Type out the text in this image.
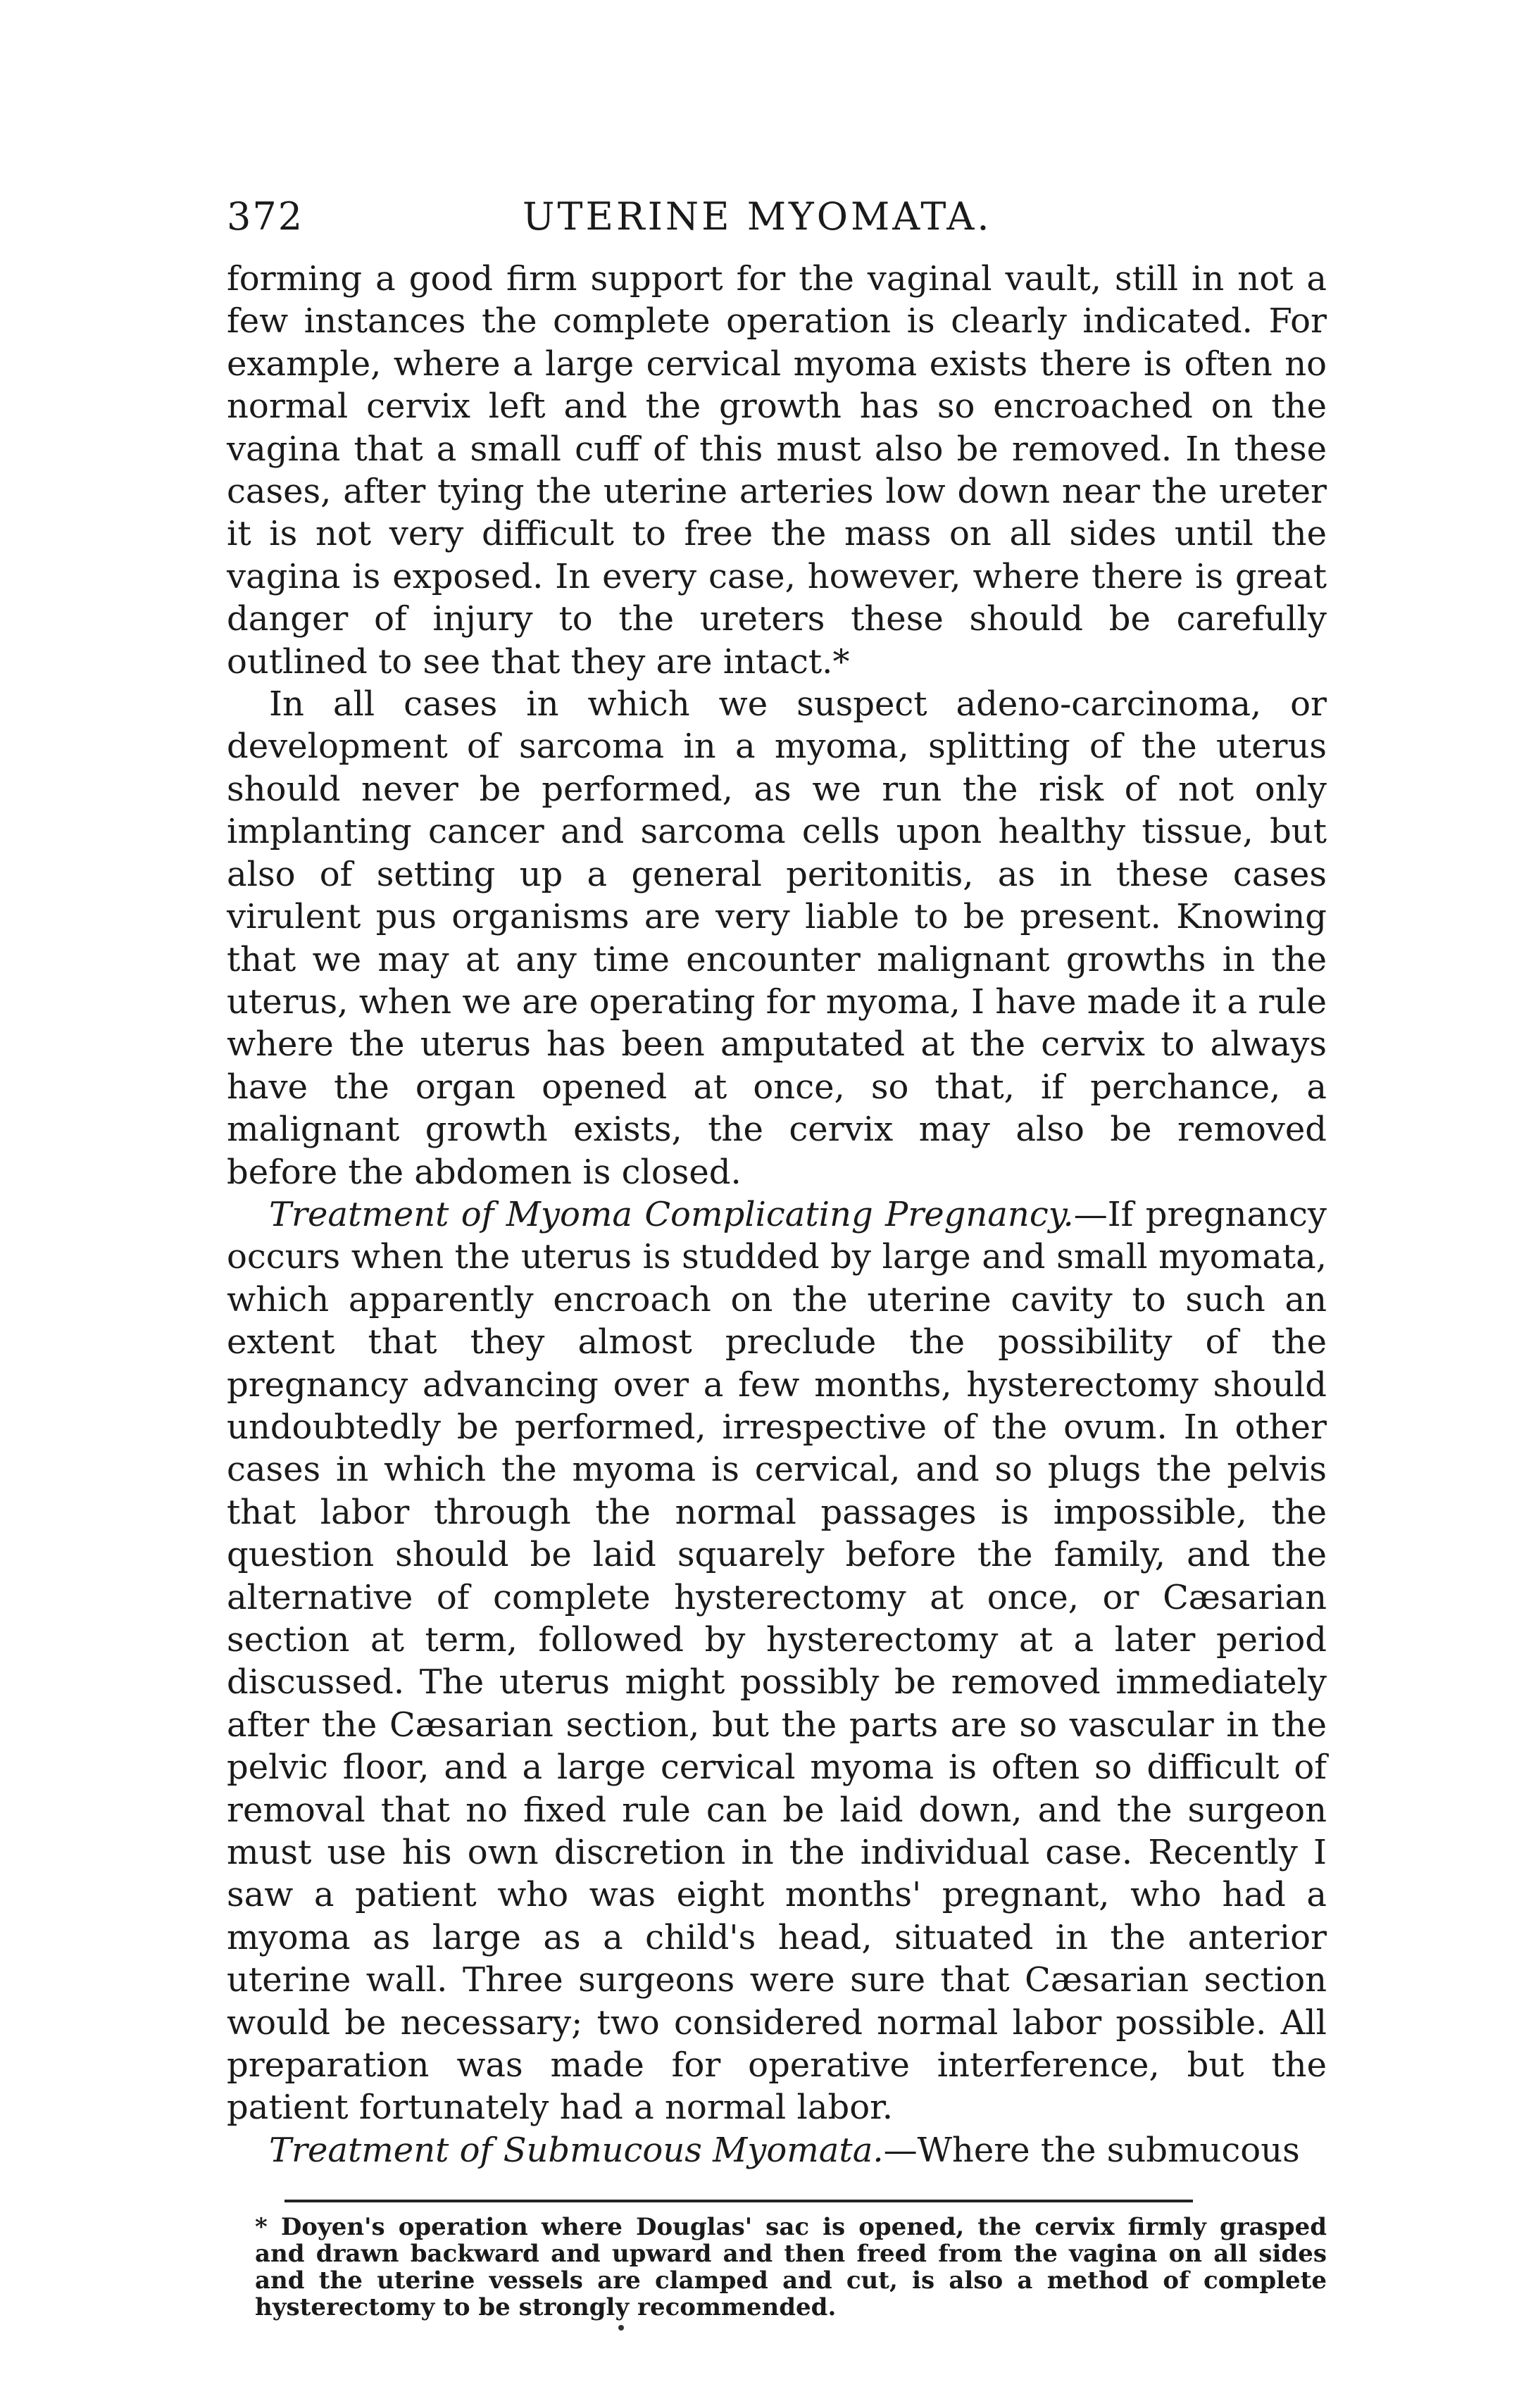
372	UTERINE MYOMATA.

forming a good firm support for the vaginal vault, still in not a few instances the complete operation is clearly indicated. For example, where a large cervical myoma exists there is often no normal cervix left and the growth has so encroached on the vagina that a small cuff of this must also be removed. In these cases, after tying the uterine arteries low down near the ureter it is not very difficult to free the mass on all sides until the vagina is exposed. In every case, however, where there is great danger of injury to the ureters these should be carefully outlined to see that they are intact.*

In all cases in which we suspect adeno-carcinoma, or development of sarcoma in a myoma, splitting of the uterus should never be performed, as we run the risk of not only implanting cancer and sarcoma cells upon healthy tissue, but also of setting up a general peritonitis, as in these cases virulent pus organisms are very liable to be present. Knowing that we may at any time encounter malignant growths in the uterus, when we are operating for myoma, I have made it a rule where the uterus has been amputated at the cervix to always have the organ opened at once, so that, if perchance, a malignant growth exists, the cervix may also be removed before the abdomen is closed.

Treatment of Myoma Complicating Pregnancy.—If pregnancy occurs when the uterus is studded by large and small myomata, which apparently encroach on the uterine cavity to such an extent that they almost preclude the possibility of the pregnancy advancing over a few months, hysterectomy should undoubtedly be performed, irrespective of the ovum. In other cases in which the myoma is cervical, and so plugs the pelvis that labor through the normal passages is impossible, the question should be laid squarely before the family, and the alternative of complete hysterectomy at once, or Cæsarian section at term, followed by hysterectomy at a later period discussed. The uterus might possibly be removed immediately after the Cæsarian section, but the parts are so vascular in the pelvic floor, and a large cervical myoma is often so difficult of removal that no fixed rule can be laid down, and the surgeon must use his own discretion in the individual case. Recently I saw a patient who was eight months' pregnant, who had a myoma as large as a child's head, situated in the anterior uterine wall. Three surgeons were sure that Cæsarian section would be necessary; two considered normal labor possible. All preparation was made for operative interference, but the patient fortunately had a normal labor.

Treatment of Submucous Myomata.—Where the submucous

* Doyen's operation where Douglas' sac is opened, the cervix firmly grasped and drawn backward and upward and then freed from the vagina on all sides and the uterine vessels are clamped and cut, is also a method of complete hysterectomy to be strongly recommended.
